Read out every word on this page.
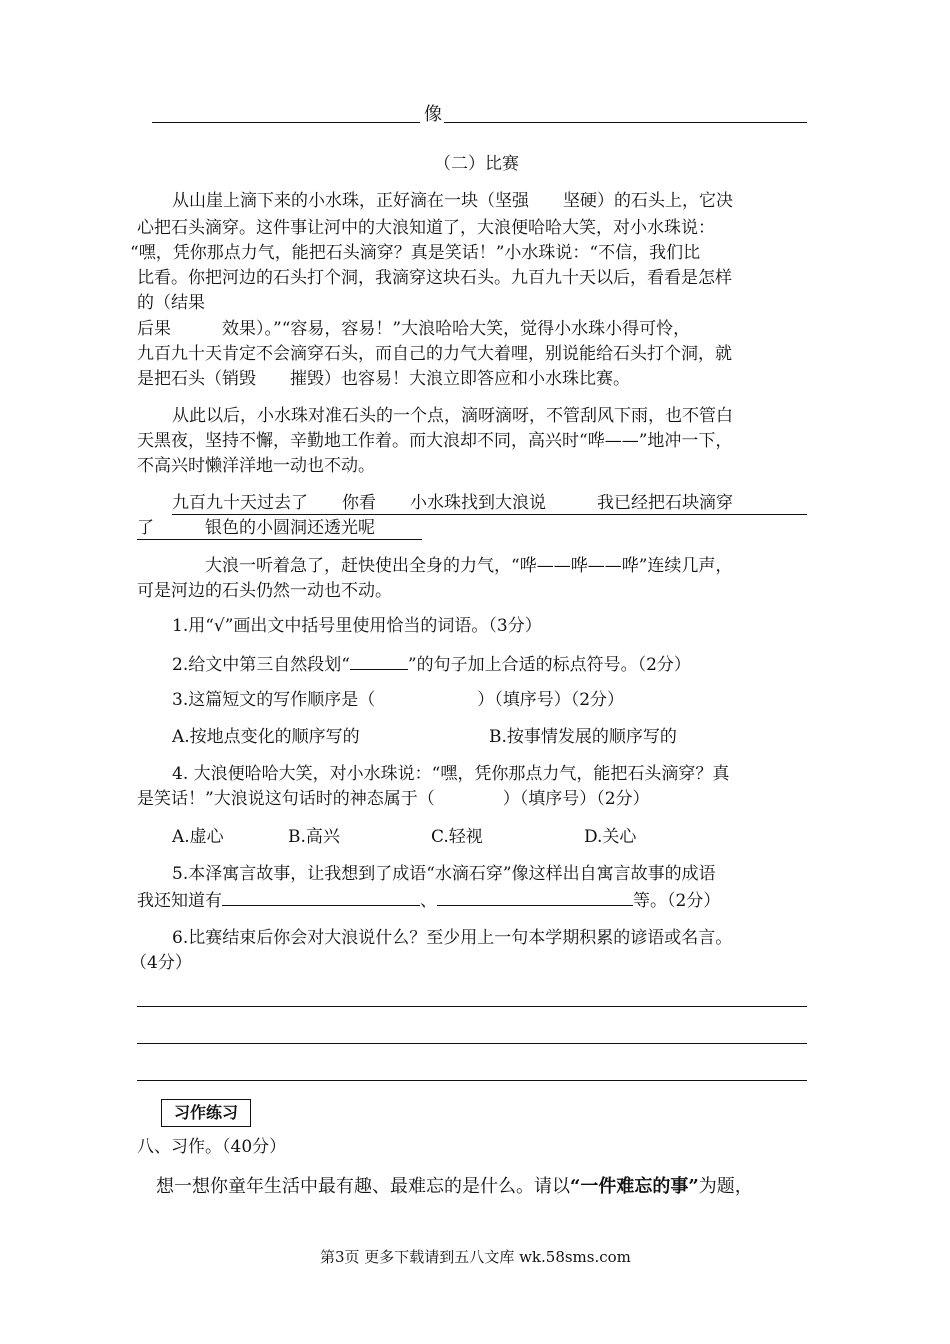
像
（二）比赛
从山崖上滴下来的小水珠，正好滴在一块（坚强　　坚硬）的石头上，它决
心把石头滴穿。这件事让河中的大浪知道了，大浪便哈哈大笑，对小水珠说：
“嘿，凭你那点力气，能把石头滴穿？真是笑话！”小水珠说：“不信，我们比
比看。你把河边的石头打个洞，我滴穿这块石头。九百九十天以后，看看是怎样
的（结果
后果　　　效果）。”“容易，容易！”大浪哈哈大笑，觉得小水珠小得可怜，
九百九十天肯定不会滴穿石头，而自己的力气大着哩，别说能给石头打个洞，就
是把石头（销毁　　摧毁）也容易！大浪立即答应和小水珠比赛。
从此以后，小水珠对准石头的一个点，滴呀滴呀，不管刮风下雨，也不管白
天黑夜，坚持不懈，辛勤地工作着。而大浪却不同，高兴时“哗——”地冲一下，
不高兴时懒洋洋地一动也不动。
九百九十天过去了　　你看　　小水珠找到大浪说　　　我已经把石块滴穿
了　　　银色的小圆洞还透光呢
大浪一听着急了，赶快使出全身的力气，“哗——哗——哗”连续几声，
可是河边的石头仍然一动也不动。
1.用“√”画出文中括号里使用恰当的词语。（3分）
2.给文中第三自然段划“	”的句子加上合适的标点符号。（2分）
3.这篇短文的写作顺序是（　　　　　　）（填序号）（2分）
A.按地点变化的顺序写的	B.按事情发展的顺序写的
4. 大浪便哈哈大笑，对小水珠说：“嘿，凭你那点力气，能把石头滴穿？真
是笑话！”大浪说这句话时的神态属于（　　　　）（填序号）（2分）
A.虚心	B.高兴	C.轻视	D.关心
5.本泽寓言故事，让我想到了成语“水滴石穿”像这样出自寓言故事的成语
我还知道有	、	等。（2分）
6.比赛结束后你会对大浪说什么？至少用上一句本学期积累的谚语或名言。
（4分）
习作练习
八、习作。（40分）
想一想你童年生活中最有趣、最难忘的是什么。请以“一件难忘的事”为题，
第3页 更多下载请到五八文库 wk.58sms.com
